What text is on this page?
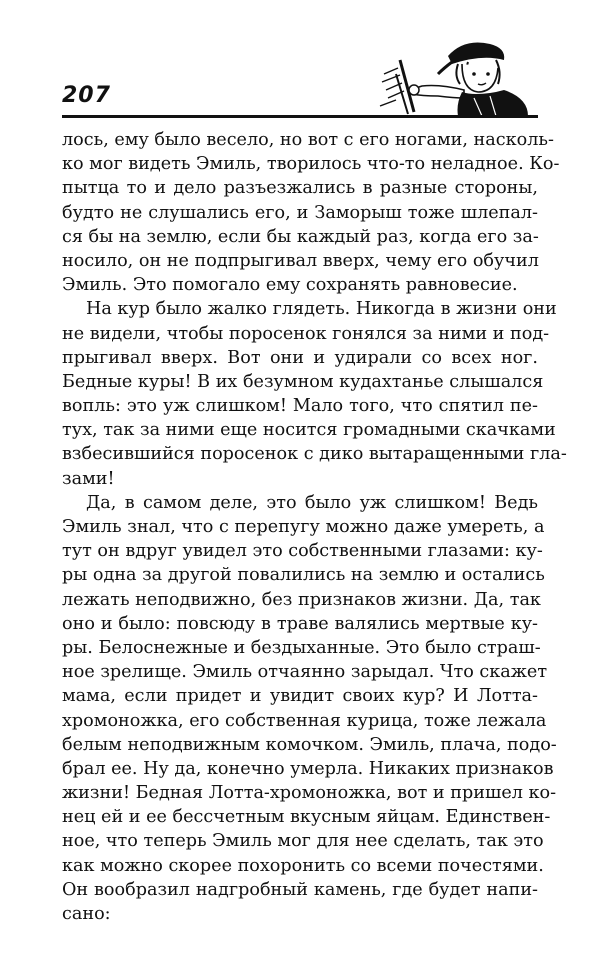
207
лось, ему было весело, но вот с его ногами, насколь-
ко мог видеть Эмиль, творилось что-то неладное. Ко-
пытца то и дело разъезжались в разные стороны,
будто не слушались его, и Заморыш тоже шлепал-
ся бы на землю, если бы каждый раз, когда его за-
носило, он не подпрыгивал вверх, чему его обучил
Эмиль. Это помогало ему сохранять равновесие.
На кур было жалко глядеть. Никогда в жизни они
не видели, чтобы поросенок гонялся за ними и под-
прыгивал вверх. Вот они и удирали со всех ног.
Бедные куры! В их безумном кудахтанье слышался
вопль: это уж слишком! Мало того, что спятил пе-
тух, так за ними еще носится громадными скачками
взбесившийся поросенок с дико вытаращенными гла-
зами!
Да, в самом деле, это было уж слишком! Ведь
Эмиль знал, что с перепугу можно даже умереть, а
тут он вдруг увидел это собственными глазами: ку-
ры одна за другой повалились на землю и остались
лежать неподвижно, без признаков жизни. Да, так
оно и было: повсюду в траве валялись мертвые ку-
ры. Белоснежные и бездыханные. Это было страш-
ное зрелище. Эмиль отчаянно зарыдал. Что скажет
мама, если придет и увидит своих кур? И Лотта-
хромоножка, его собственная курица, тоже лежала
белым неподвижным комочком. Эмиль, плача, подо-
брал ее. Ну да, конечно умерла. Никаких признаков
жизни! Бедная Лотта-хромоножка, вот и пришел ко-
нец ей и ее бессчетным вкусным яйцам. Единствен-
ное, что теперь Эмиль мог для нее сделать, так это
как можно скорее похоронить со всеми почестями.
Он вообразил надгробный камень, где будет напи-
сано:
